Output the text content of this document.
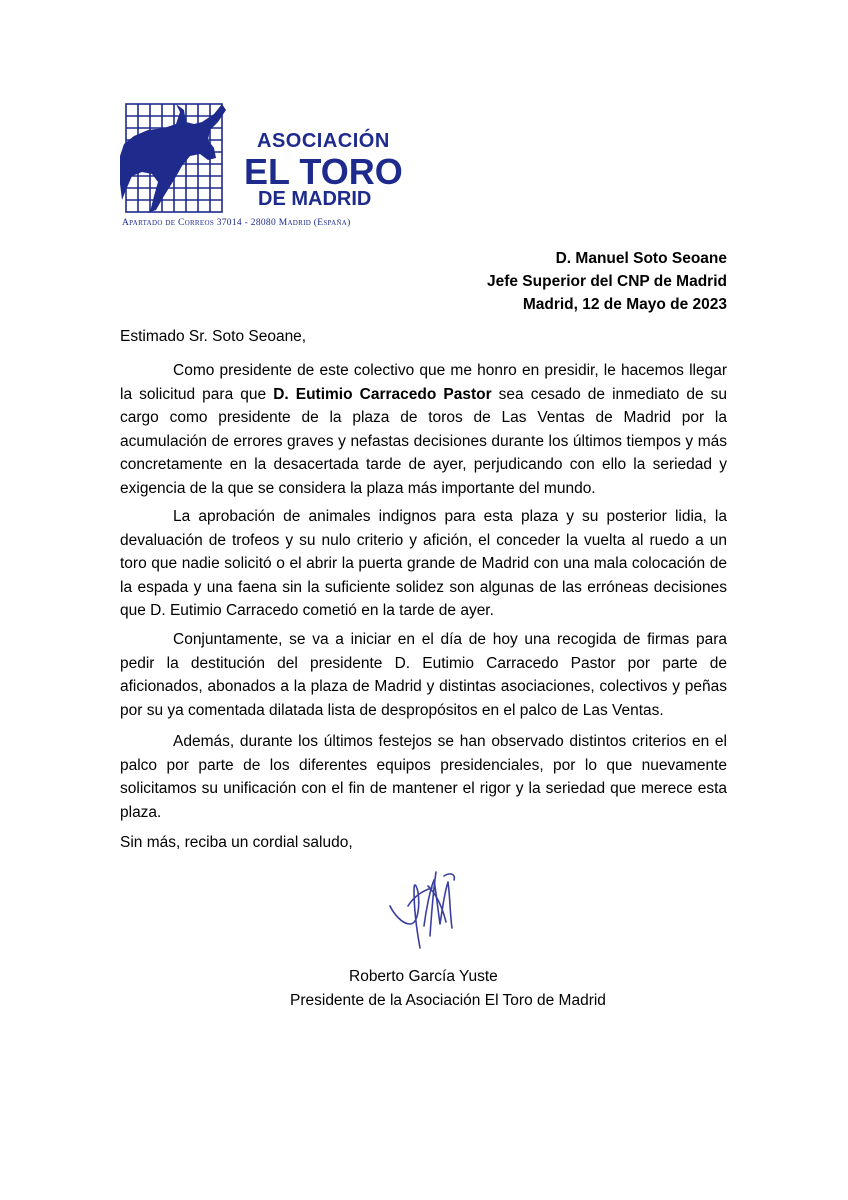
ASOCIACIÓN
EL TORO
DE MADRID
Apartado de Correos 37014 - 28080 Madrid (España)
D. Manuel Soto Seoane
Jefe Superior del CNP de Madrid
Madrid, 12 de Mayo de 2023
Estimado Sr. Soto Seoane,

Como presidente de este colectivo que me honro en presidir, le hacemos llegar la solicitud para que D. Eutimio Carracedo Pastor sea cesado de inmediato de su cargo como presidente de la plaza de toros de Las Ventas de Madrid por la acumulación de errores graves y nefastas decisiones durante los últimos tiempos y más concretamente en la desacertada tarde de ayer, perjudicando con ello la seriedad y exigencia de la que se considera la plaza más importante del mundo.

La aprobación de animales indignos para esta plaza y su posterior lidia, la devaluación de trofeos y su nulo criterio y afición, el conceder la vuelta al ruedo a un toro que nadie solicitó o el abrir la puerta grande de Madrid con una mala colocación de la espada y una faena sin la suficiente solidez son algunas de las erróneas decisiones que D. Eutimio Carracedo cometió en la tarde de ayer.

Conjuntamente, se va a iniciar en el día de hoy una recogida de firmas para pedir la destitución del presidente D. Eutimio Carracedo Pastor por parte de aficionados, abonados a la plaza de Madrid y distintas asociaciones, colectivos y peñas por su ya comentada dilatada lista de despropósitos en el palco de Las Ventas.

Además, durante los últimos festejos se han observado distintos criterios en el palco por parte de los diferentes equipos presidenciales, por lo que nuevamente solicitamos su unificación con el fin de mantener el rigor y la seriedad que merece esta plaza.

Sin más, reciba un cordial saludo,
Roberto García Yuste
Presidente de la Asociación El Toro de Madrid
